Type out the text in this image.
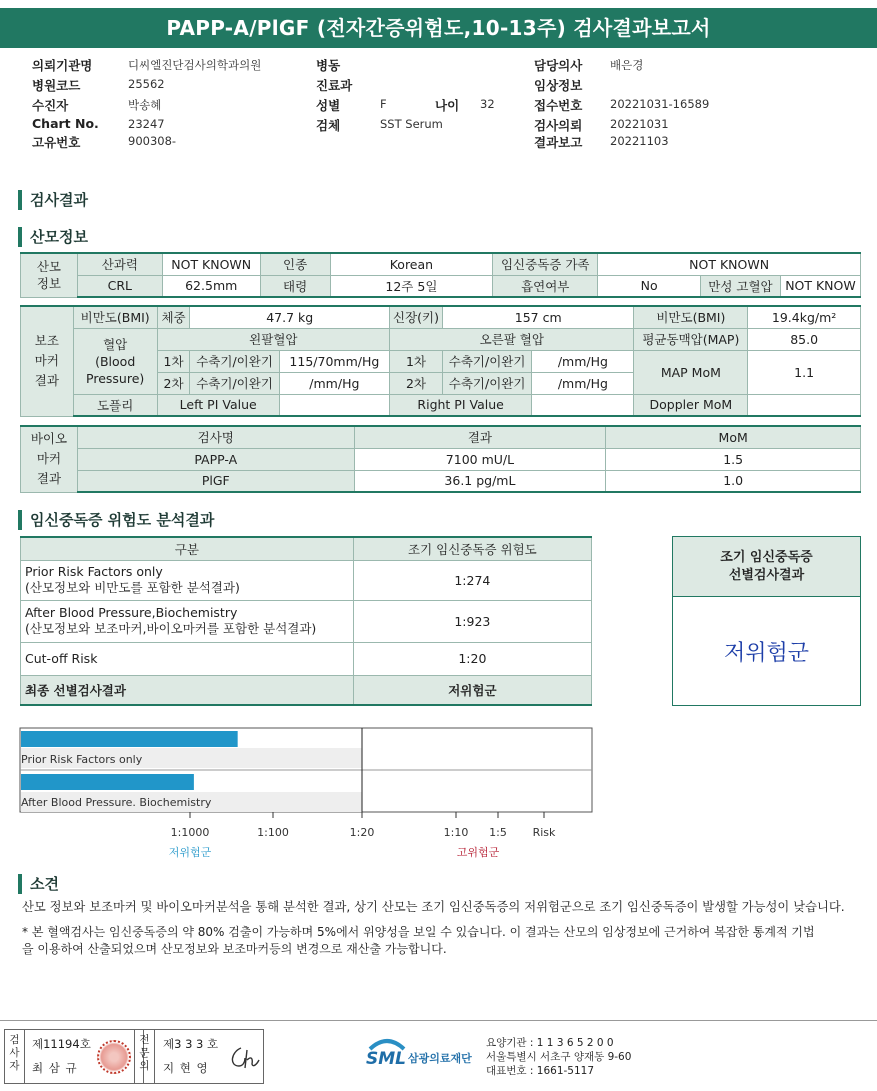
PAPP-A/PlGF (전자간증위험도,10-13주) 검사결과보고서
의뢰기관명	디씨엘진단검사의학과의원
병원코드	25562
수진자	박송혜
Chart No.	23247
고유번호	900308-
병동
진료과
성별	F
검체	SST Serum
나이 32
담당의사 배은경
임상정보
접수번호 20221031-16589
검사의뢰 20221031
결과보고 20221103
검사결과
산모정보
산모
정보	산과력	NOT KNOWN	인종	Korean	임신중독증 가족	NOT KNOWN		
	CRL	62.5mm	태령	12주 5일	흡연여부	No	만성 고혈압	NOT KNOW
보조
마커
결과	비만도(BMI)	체중	47.7 kg		신장(키)	157 cm		비만도(BMI)	19.4kg/m²
	혈압
(Blood
Pressure)	왼팔혈압			오른팔 혈압			평균동맥압(MAP)	85.0
		1차	수축기/이완기	115/70mm/Hg	1차	수축기/이완기	/mm/Hg	MAP MoM	1.1
		2차	수축기/이완기	/mm/Hg	2차	수축기/이완기	/mm/Hg		
	도플리	Left PI Value			Right PI Value			Doppler MoM	
바이오
마커
결과	검사명	결과	MoM
	PAPP-A	7100 mU/L	1.5
	PlGF	36.1 pg/mL	1.0
임신중독증 위험도 분석결과
구분	조기 임신중독증 위험도

Prior Risk Factors only
(산모정보와 비만도를 포함한 분석결과)	1:274

After Blood Pressure,Biochemistry
(산모정보와 보조마커,바이오마커를 포함한 분석결과)	1:923
Cut-off Risk	1:20
최종 선별검사결과	저위험군
조기 임신중독증
선별검사결과
저위험군
Prior Risk Factors only
After Blood Pressure. Biochemistry
1:1000	1:100	1:20	1:10 1:5 Risk
저위험군	고위험군
소견
산모 정보와 보조마커 및 바이오마커분석을 통해 분석한 결과, 상기 산모는 조기 임신중독증의 저위험군으로 조기 임신중독증이 발생할 가능성이 낮습니다.
* 본 혈액검사는 임신중독증의 약 80% 검출이 가능하며 5%에서 위양성을 보일 수 있습니다. 이 결과는 산모의 임상정보에 근거하여 복잡한 통계적 기법
을 이용하여 산출되었으며 산모정보와 보조마커등의 변경으로 재산출 가능합니다.
검
사
자
제11194호
최 삼 규
전
문
의
제3 3 3 호
지 현 영	SML 삼광의료재단
요양기관 : 1 1 3 6 5 2 0 0
서울특별시 서초구 양재동 9-60
대표번호 : 1661-5117
